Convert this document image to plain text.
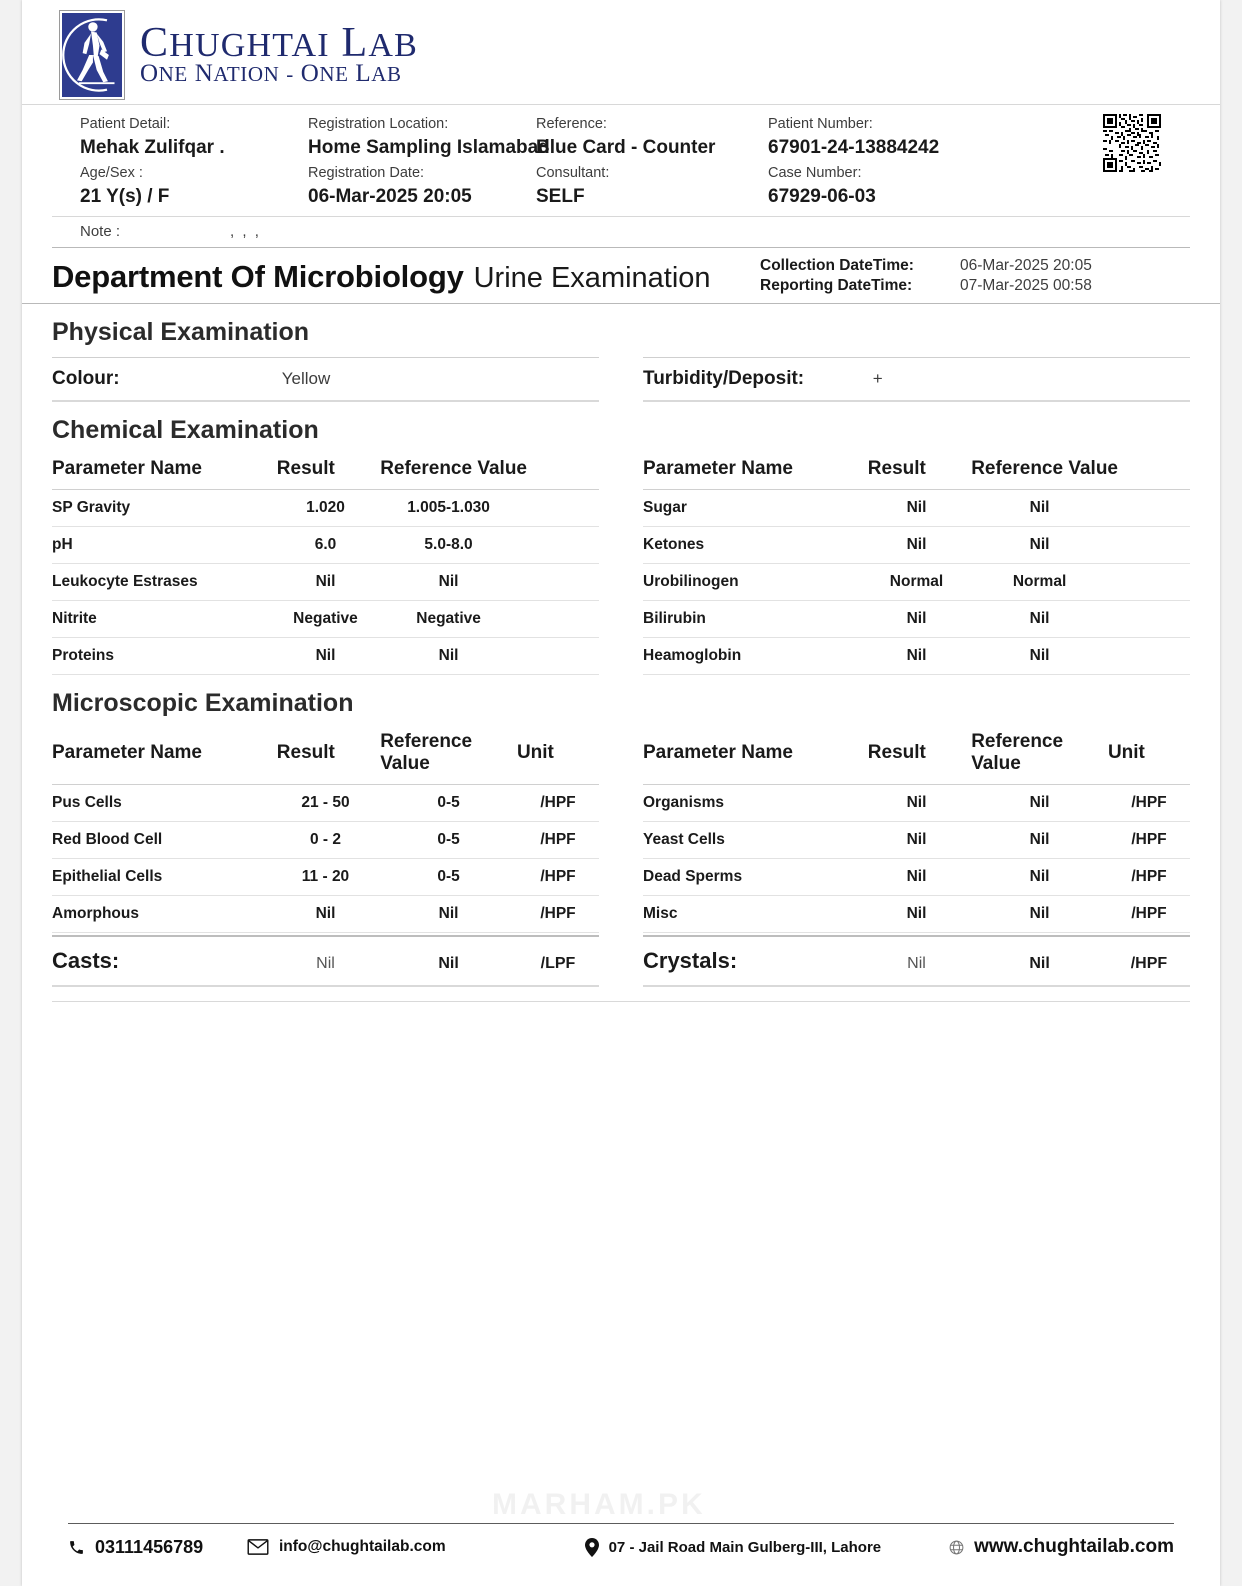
CHUGHTAI LAB
ONE NATION - ONE LAB
Patient Detail:
Mehak Zulifqar .
Age/Sex :
21 Y(s) / F
Registration Location:
Home Sampling Islamabad
Registration Date:
06-Mar-2025 20:05
Reference:
Blue Card - Counter
Consultant:
SELF
Patient Number:
67901-24-13884242
Case Number:
67929-06-03
Note :	, , ,
Department Of Microbiology Urine Examination	Collection DateTime:	06-Mar-2025 20:05
Reporting DateTime:	07-Mar-2025 00:58
Physical Examination
Colour:	Yellow	Turbidity/Deposit:	+
Chemical Examination
Parameter Name	Result	Reference Value	
SP Gravity	1.020	1.005-1.030	
pH	6.0	5.0-8.0	
Leukocyte Estrases	Nil	Nil	
Nitrite	Negative	Negative	
Proteins	Nil	Nil	
Parameter Name	Result	Reference Value	
Sugar	Nil	Nil	
Ketones	Nil	Nil	
Urobilinogen	Normal	Normal	
Bilirubin	Nil	Nil	
Heamoglobin	Nil	Nil	
Microscopic Examination
Parameter Name	Result	Reference Value	Unit
Pus Cells	21 - 50	0-5	/HPF
Red Blood Cell	0 - 2	0-5	/HPF
Epithelial Cells	11 - 20	0-5	/HPF
Amorphous	Nil	Nil	/HPF
Casts:	Nil	Nil	/LPF
Parameter Name	Result	Reference Value	Unit
Organisms	Nil	Nil	/HPF
Yeast Cells	Nil	Nil	/HPF
Dead Sperms	Nil	Nil	/HPF
Misc	Nil	Nil	/HPF
Crystals:	Nil	Nil	/HPF
MARHAM.PK
03111456789	info@chughtailab.com	07 - Jail Road Main Gulberg-III, Lahore	www.chughtailab.com
